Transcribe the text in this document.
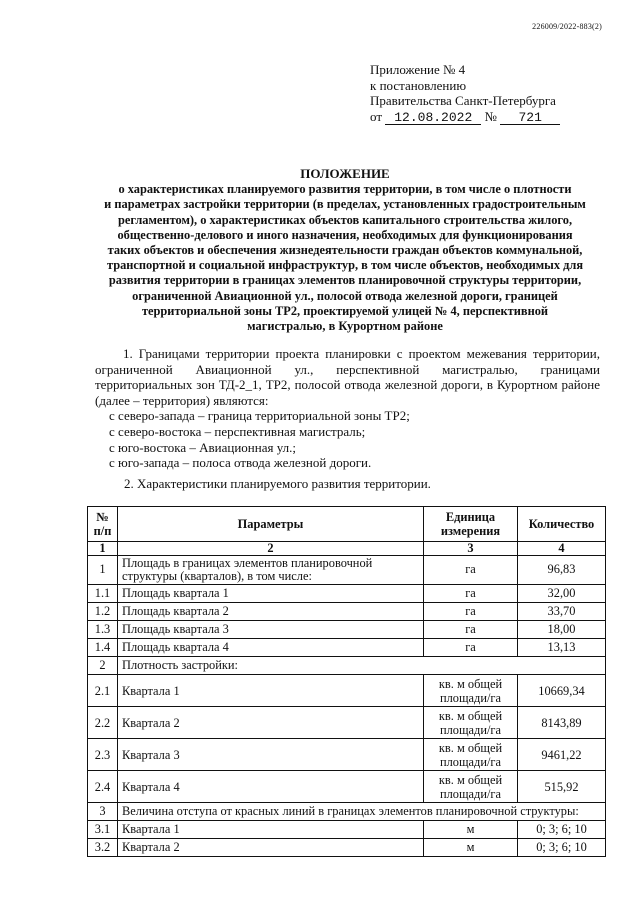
226009/2022-883(2)
Приложение № 4
к постановлению
Правительства Санкт-Петербурга
от 12.08.2022 № 721
ПОЛОЖЕНИЕ
о характеристиках планируемого развития территории, в том числе о плотности
и параметрах застройки территории (в пределах, установленных градостроительным
регламентом), о характеристиках объектов капитального строительства жилого,
общественно-делового и иного назначения, необходимых для функционирования
таких объектов и обеспечения жизнедеятельности граждан объектов коммунальной,
транспортной и социальной инфраструктур, в том числе объектов, необходимых для
развития территории в границах элементов планировочной структуры территории,
ограниченной Авиационной ул., полосой отвода железной дороги, границей
территориальной зоны ТР2, проектируемой улицей № 4, перспективной
магистралью, в Курортном районе
1. Границами территории проекта планировки с проектом межевания территории,
ограниченной Авиационной ул., перспективной магистралью, границами
территориальных зон ТД-2_1, ТР2, полосой отвода железной дороги, в Курортном районе
(далее – территория) являются:
с северо-запада – граница территориальной зоны ТР2;
с северо-востока – перспективная магистраль;
с юго-востока – Авиационная ул.;
с юго-запада – полоса отвода железной дороги.
2. Характеристики планируемого развития территории.
№ п/п	Параметры	Единица измерения	Количество
1	2	3	4
1	Площадь в границах элементов планировочной структуры (кварталов), в том числе:	га	96,83
1.1	Площадь квартала 1	га	32,00
1.2	Площадь квартала 2	га	33,70
1.3	Площадь квартала 3	га	18,00
1.4	Площадь квартала 4	га	13,13
2	Плотность застройки:		
2.1	Квартала 1	кв. м общей площади/га	10669,34
2.2	Квартала 2	кв. м общей площади/га	8143,89
2.3	Квартала 3	кв. м общей площади/га	9461,22
2.4	Квартала 4	кв. м общей площади/га	515,92
3	Величина отступа от красных линий в границах элементов планировочной структуры:		
3.1	Квартала 1	м	0; 3; 6; 10
3.2	Квартала 2	м	0; 3; 6; 10
